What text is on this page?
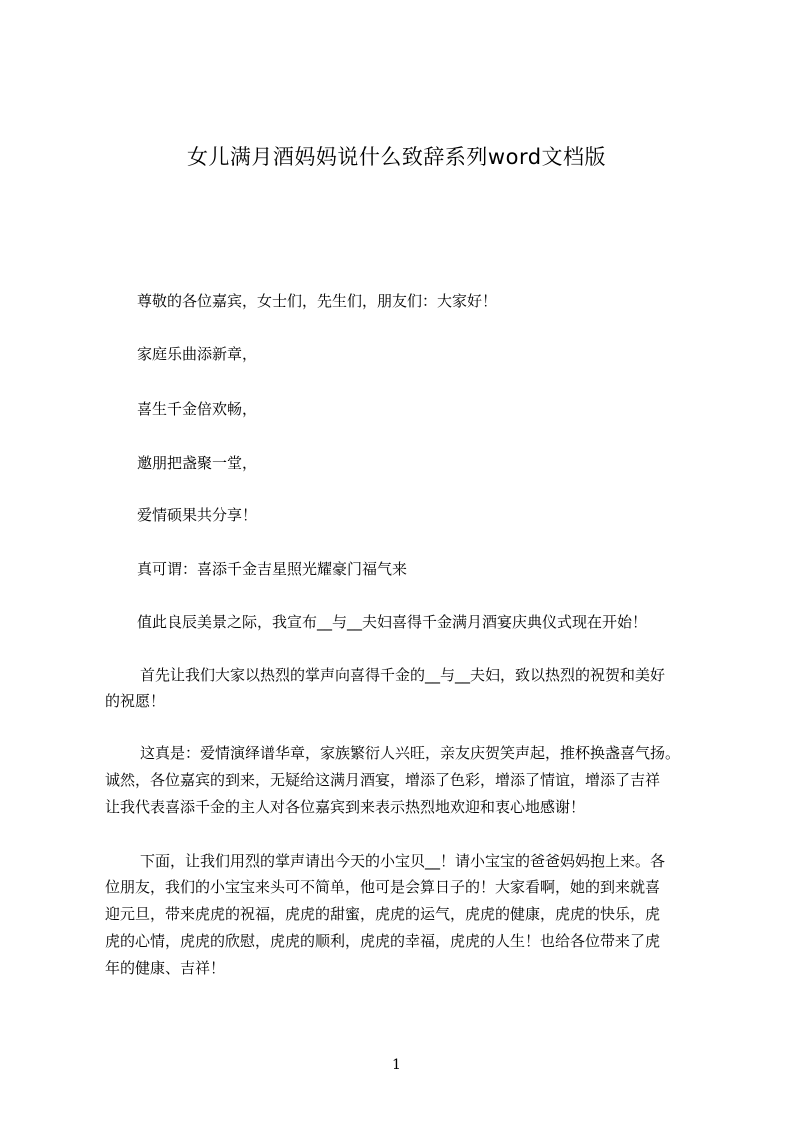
女儿满月酒妈妈说什么致辞系列word文档版
尊敬的各位嘉宾，女士们，先生们，朋友们：大家好！
家庭乐曲添新章，
喜生千金倍欢畅，
邀朋把盏聚一堂，
爱情硕果共分享！
真可谓：喜添千金吉星照光耀豪门福气来
值此良辰美景之际，我宣布__与__夫妇喜得千金满月酒宴庆典仪式现在开始！
首先让我们大家以热烈的掌声向喜得千金的__与__夫妇，致以热烈的祝贺和美好
的祝愿！
这真是：爱情演绎谱华章，家族繁衍人兴旺，亲友庆贺笑声起，推杯换盏喜气扬。
诚然，各位嘉宾的到来，无疑给这满月酒宴，增添了色彩，增添了情谊，增添了吉祥
让我代表喜添千金的主人对各位嘉宾到来表示热烈地欢迎和衷心地感谢！
下面，让我们用烈的掌声请出今天的小宝贝__！请小宝宝的爸爸妈妈抱上来。各
位朋友，我们的小宝宝来头可不简单，他可是会算日子的！大家看啊，她的到来就喜
迎元旦，带来虎虎的祝福，虎虎的甜蜜，虎虎的运气，虎虎的健康，虎虎的快乐，虎
虎的心情，虎虎的欣慰，虎虎的顺利，虎虎的幸福，虎虎的人生！也给各位带来了虎
年的健康、吉祥！
1
